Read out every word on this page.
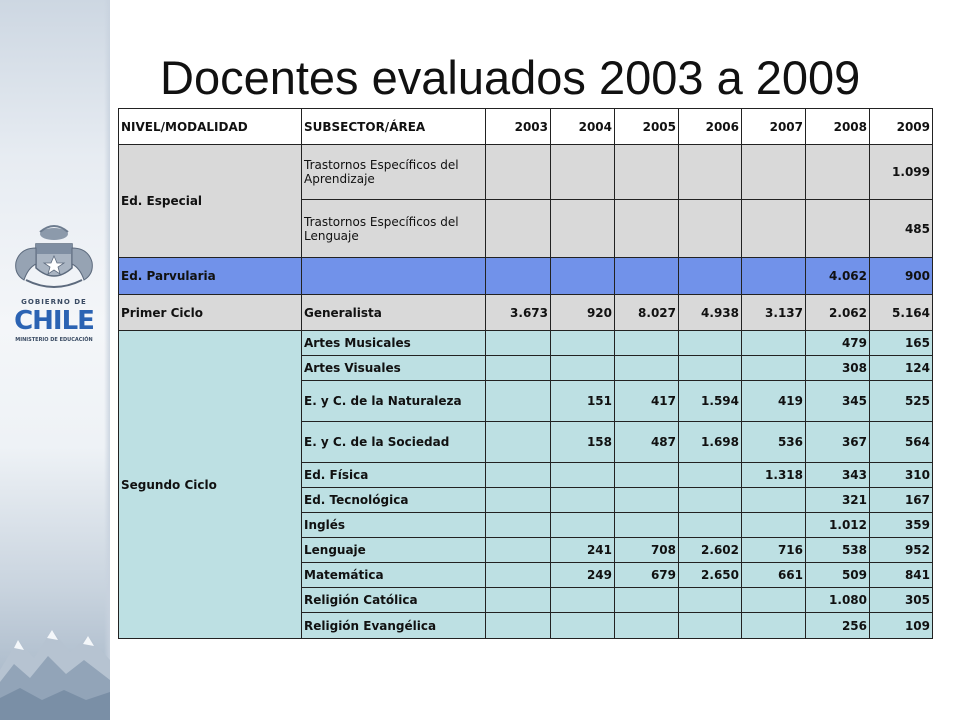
GOBIERNO DE
CHILE
MINISTERIO DE EDUCACIÓN
Docentes evaluados 2003 a 2009
NIVEL/MODALIDAD	SUBSECTOR/ÁREA	2003	2004	2005	2006	2007	2008	2009
Ed. Especial	Trastornos Específicos del Aprendizaje							1.099
	Trastornos Específicos del Lenguaje							485
Ed. Parvularia							4.062	900
Primer Ciclo	Generalista	3.673	920	8.027	4.938	3.137	2.062	5.164
Segundo Ciclo	Artes Musicales						479	165
	Artes Visuales						308	124
	E. y C. de la Naturaleza		151	417	1.594	419	345	525
	E. y C. de la Sociedad		158	487	1.698	536	367	564
	Ed. Física					1.318	343	310
	Ed. Tecnológica						321	167
	Inglés						1.012	359
	Lenguaje		241	708	2.602	716	538	952
	Matemática		249	679	2.650	661	509	841
	Religión Católica						1.080	305
	Religión Evangélica						256	109
